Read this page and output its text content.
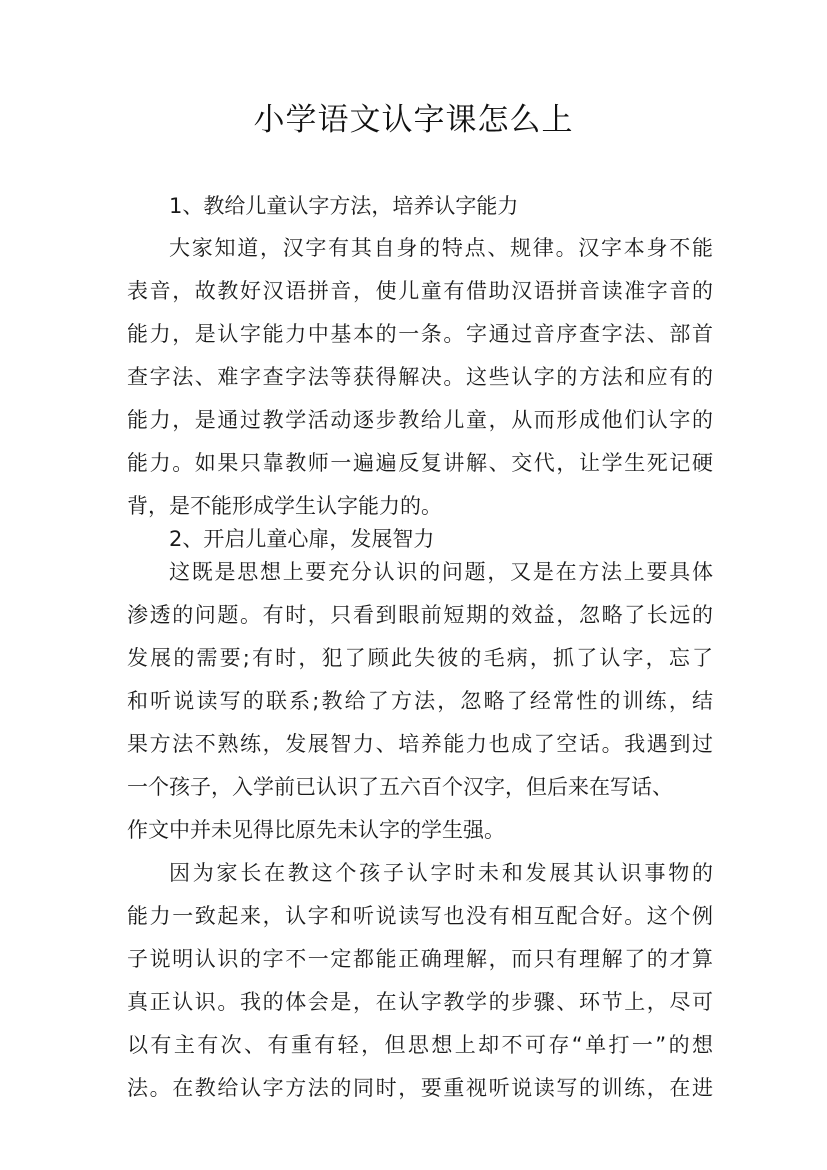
小学语文认字课怎么上
1、教给儿童认字方法，培养认字能力
大家知道，汉字有其自身的特点、规律。汉字本身不能
表音，故教好汉语拼音，使儿童有借助汉语拼音读准字音的
能力，是认字能力中基本的一条。字通过音序查字法、部首
查字法、难字查字法等获得解决。这些认字的方法和应有的
能力，是通过教学活动逐步教给儿童，从而形成他们认字的
能力。如果只靠教师一遍遍反复讲解、交代，让学生死记硬
背，是不能形成学生认字能力的。
2、开启儿童心扉，发展智力
这既是思想上要充分认识的问题，又是在方法上要具体
渗透的问题。有时，只看到眼前短期的效益，忽略了长远的
发展的需要;有时，犯了顾此失彼的毛病，抓了认字，忘了
和听说读写的联系;教给了方法，忽略了经常性的训练，结
果方法不熟练，发展智力、培养能力也成了空话。我遇到过
一个孩子，入学前已认识了五六百个汉字，但后来在写话、
作文中并未见得比原先未认字的学生强。
因为家长在教这个孩子认字时未和发展其认识事物的
能力一致起来，认字和听说读写也没有相互配合好。这个例
子说明认识的字不一定都能正确理解，而只有理解了的才算
真正认识。我的体会是，在认字教学的步骤、环节上，尽可
以有主有次、有重有轻，但思想上却不可存“单打一”的想
法。在教给认字方法的同时，要重视听说读写的训练，在进
